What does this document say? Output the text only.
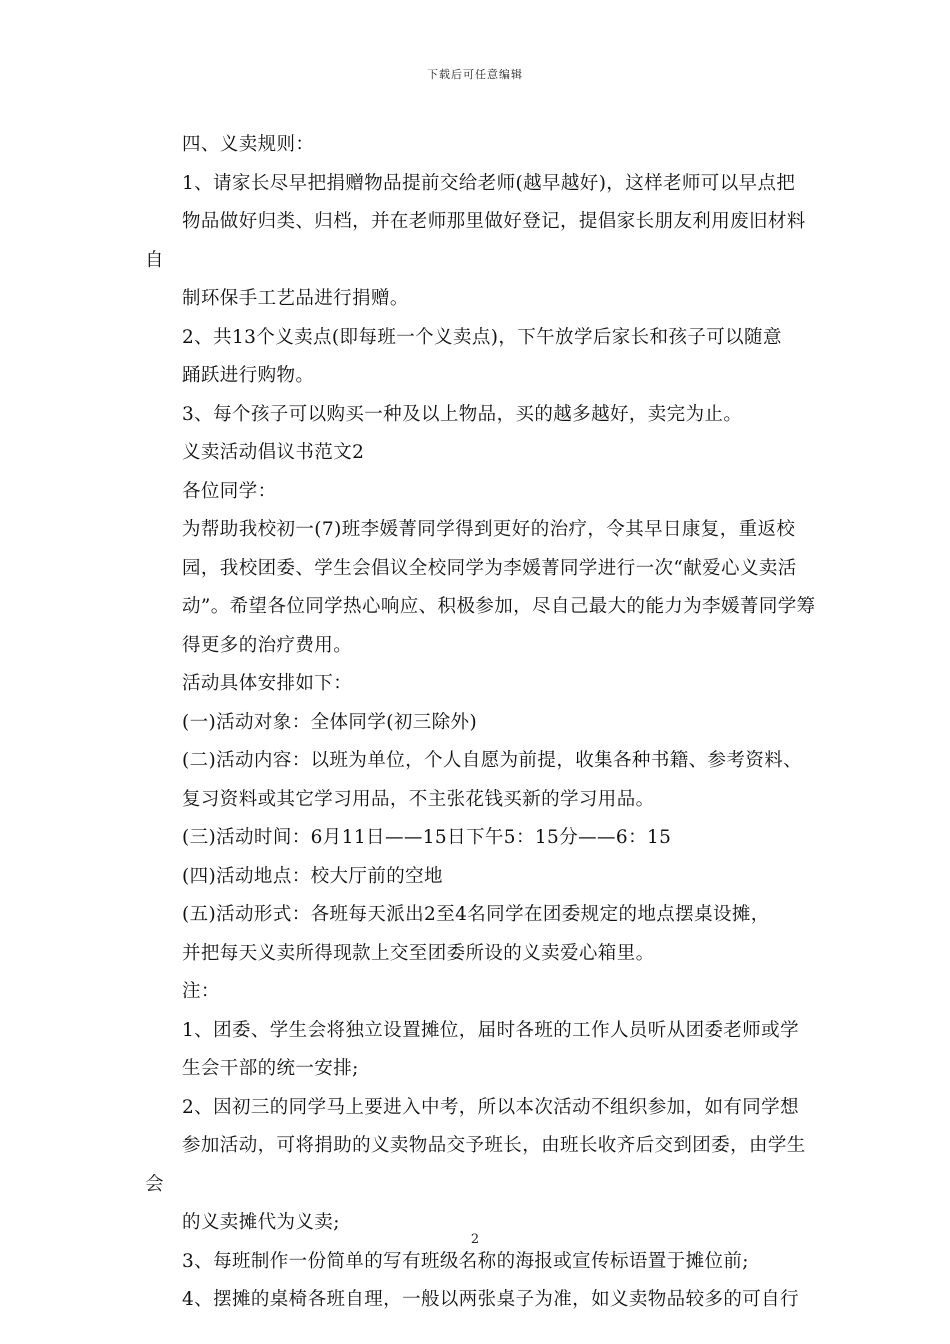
下载后可任意编辑

四、义卖规则：

1、请家长尽早把捐赠物品提前交给老师(越早越好)，这样老师可以早点把
物品做好归类、归档，并在老师那里做好登记，提倡家长朋友利用废旧材料自
制环保手工艺品进行捐赠。

2、共13个义卖点(即每班一个义卖点)，下午放学后家长和孩子可以随意
踊跃进行购物。

3、每个孩子可以购买一种及以上物品，买的越多越好，卖完为止。

义卖活动倡议书范文2

各位同学：

为帮助我校初一(7)班李媛菁同学得到更好的治疗，令其早日康复，重返校
园，我校团委、学生会倡议全校同学为李媛菁同学进行一次“献爱心义卖活
动”。希望各位同学热心响应、积极参加，尽自己最大的能力为李媛菁同学筹
得更多的治疗费用。

活动具体安排如下：

(一)活动对象：全体同学(初三除外)

(二)活动内容：以班为单位，个人自愿为前提，收集各种书籍、参考资料、
复习资料或其它学习用品，不主张花钱买新的学习用品。

(三)活动时间：6月11日——15日下午5：15分——6：15

(四)活动地点：校大厅前的空地

(五)活动形式：各班每天派出2至4名同学在团委规定的地点摆桌设摊，
并把每天义卖所得现款上交至团委所设的义卖爱心箱里。

注：

1、团委、学生会将独立设置摊位，届时各班的工作人员听从团委老师或学
生会干部的统一安排;

2、因初三的同学马上要进入中考，所以本次活动不组织参加，如有同学想
参加活动，可将捐助的义卖物品交予班长，由班长收齐后交到团委，由学生会
的义卖摊代为义卖;

3、每班制作一份简单的写有班级名称的海报或宣传标语置于摊位前;

4、摆摊的桌椅各班自理，一般以两张桌子为准，如义卖物品较多的可自行

2
